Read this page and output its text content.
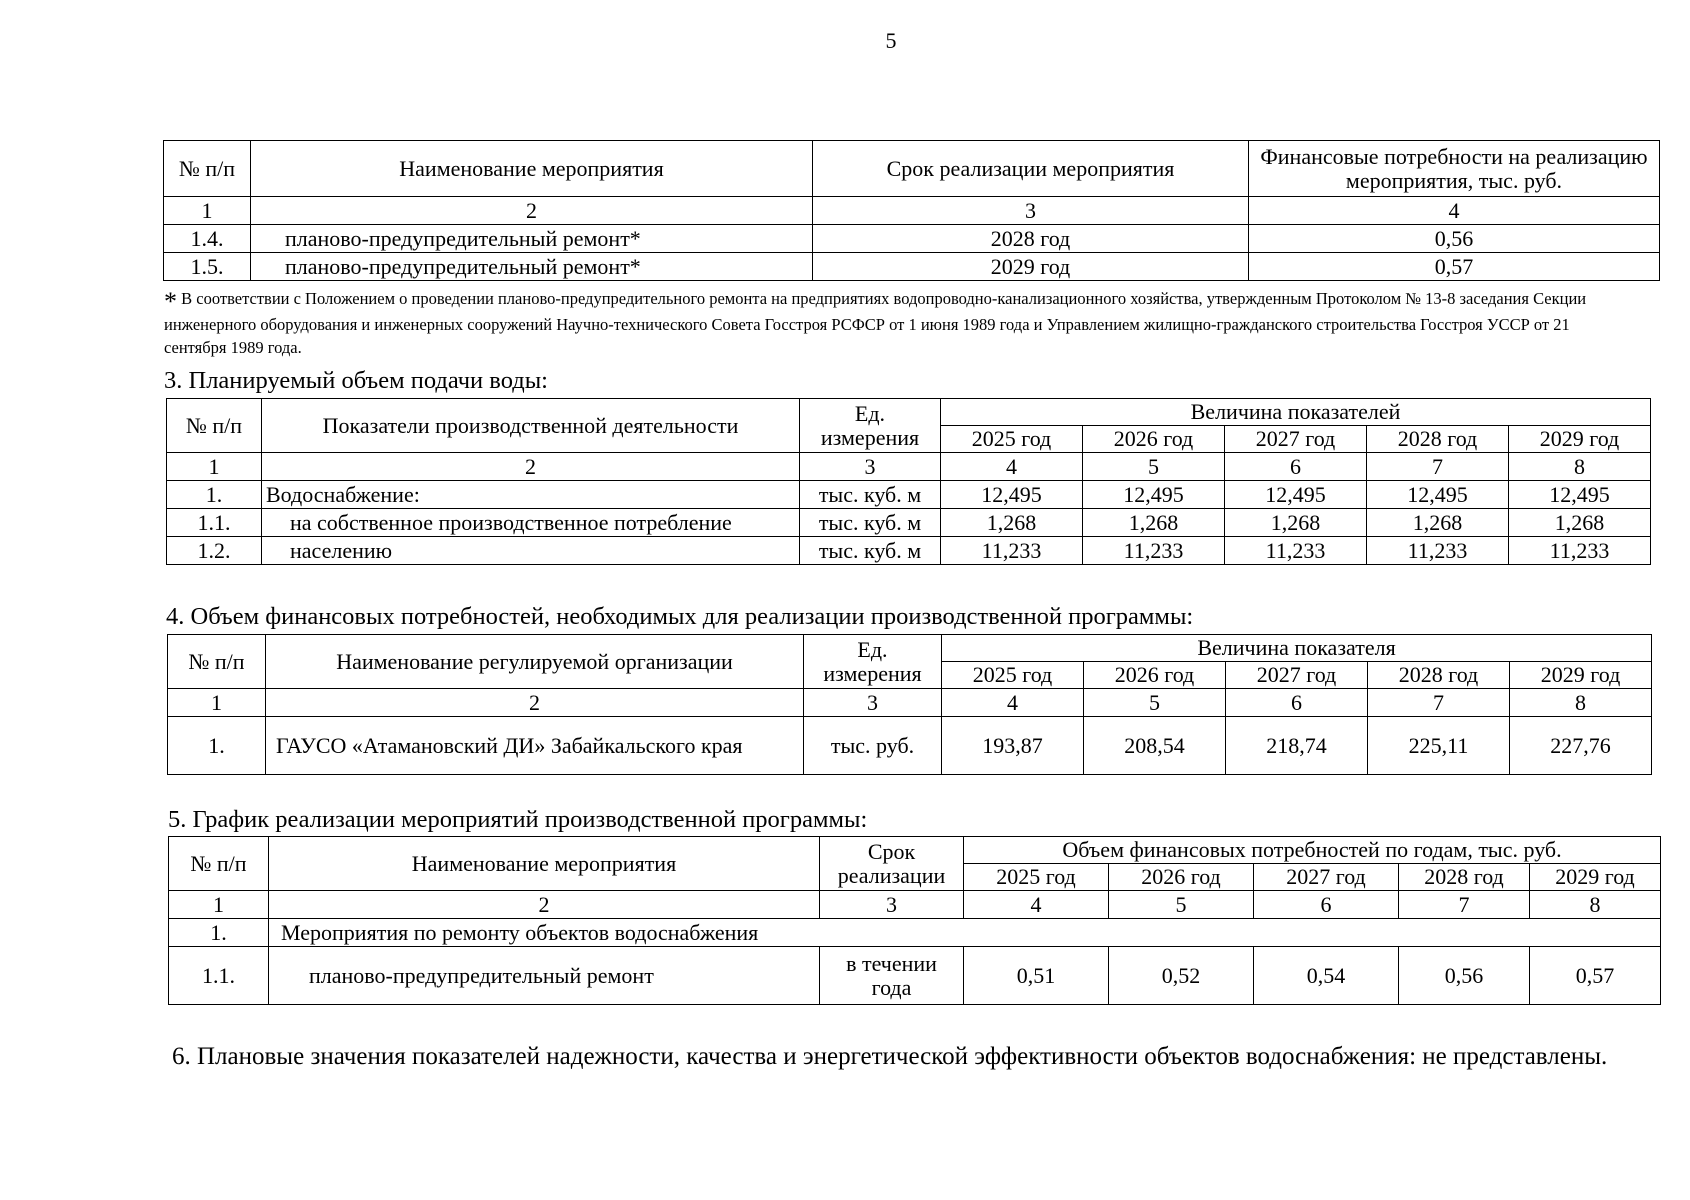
5
№ п/п	Наименование мероприятия	Срок реализации мероприятия	Финансовые потребности на реализацию мероприятия, тыс. руб.
1	2	3	4
1.4.	планово-предупредительный ремонт*	2028 год	0,56
1.5.	планово-предупредительный ремонт*	2029 год	0,57
* В соответствии с Положением о проведении планово-предупредительного ремонта на предприятиях водопроводно-канализационного хозяйства, утвержденным Протоколом № 13-8 заседания Секции инженерного оборудования и инженерных сооружений Научно-технического Совета Госстроя РСФСР от 1 июня 1989 года и Управлением жилищно-гражданского строительства Госстроя УССР от 21 сентября 1989 года.
3. Планируемый объем подачи воды:
№ п/п	Показатели производственной деятельности	Ед. измерения	Величина показателей				
			2025 год	2026 год	2027 год	2028 год	2029 год
1	2	3	4	5	6	7	8
1.	Водоснабжение:	тыс. куб. м	12,495	12,495	12,495	12,495	12,495
1.1.	на собственное производственное потребление	тыс. куб. м	1,268	1,268	1,268	1,268	1,268
1.2.	населению	тыс. куб. м	11,233	11,233	11,233	11,233	11,233
4. Объем финансовых потребностей, необходимых для реализации производственной программы:
№ п/п	Наименование регулируемой организации	Ед. измерения	Величина показателя				
			2025 год	2026 год	2027 год	2028 год	2029 год
1	2	3	4	5	6	7	8
1.	ГАУСО «Атамановский ДИ» Забайкальского края	тыс. руб.	193,87	208,54	218,74	225,11	227,76
5. График реализации мероприятий производственной программы:
№ п/п	Наименование мероприятия	Срок реализации	Объем финансовых потребностей по годам, тыс. руб.				
			2025 год	2026 год	2027 год	2028 год	2029 год
1	2	3	4	5	6	7	8
1.	Мероприятия по ремонту объектов водоснабжения						
1.1.	планово-предупредительный ремонт	в течении года	0,51	0,52	0,54	0,56	0,57
6. Плановые значения показателей надежности, качества и энергетической эффективности объектов водоснабжения: не представлены.
